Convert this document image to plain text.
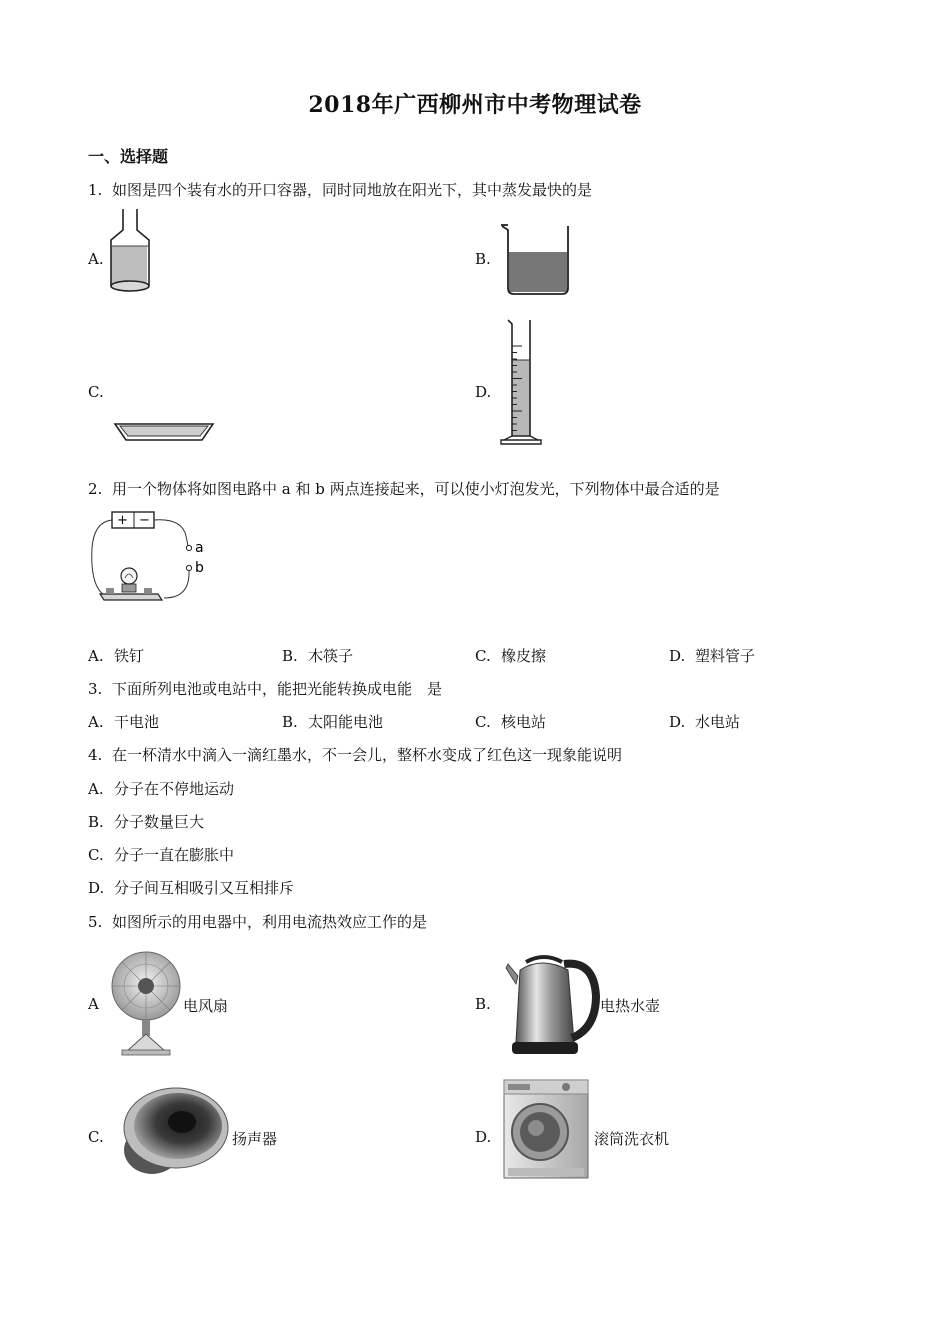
2018年广西柳州市中考物理试卷
一、选择题
1. 如图是四个装有水的开口容器，同时同地放在阳光下，其中蒸发最快的是
A.	B.
C.	D.
2. 用一个物体将如图电路中 a 和 b 两点连接起来，可以使小灯泡发光，下列物体中最合适的是
+ −
a
b
A. 铁钉	B. 木筷子	C. 橡皮擦	D. 塑料管子
3. 下面所列电池或电站中，能把光能转换成电能　是
A. 干电池	B. 太阳能电池	C. 核电站	D. 水电站
4. 在一杯清水中滴入一滴红墨水，不一会儿，整杯水变成了红色这一现象能说明
A. 分子在不停地运动
B. 分子数量巨大
C. 分子一直在膨胀中
D. 分子间互相吸引又互相排斥
5. 如图所示的用电器中，利用电流热效应工作的是
A	电风扇	B.	电热水壶
C.	扬声器	D.	滚筒洗衣机
